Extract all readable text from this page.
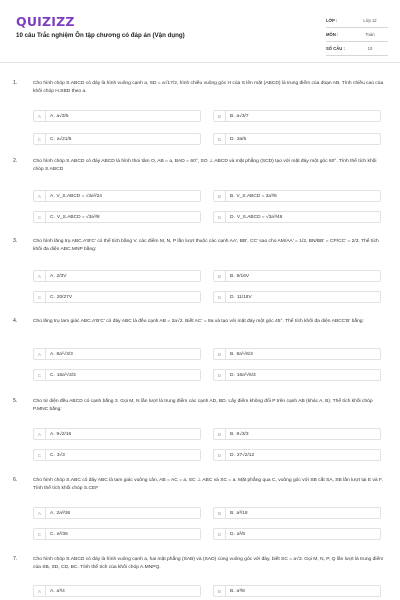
QUIZIZZ
10 câu Trắc nghiệm Ôn tập chương có đáp án (Vận dụng)
LỚP :	Lớp 12
MÔN :	Toán
SỐ CÂU :	10
1.	Cho hình chóp S.ABCD có đáy là hình vuông cạnh a, SD = a√17/2, hình chiếu vuông góc H của S lên mặt (ABCD) là trung điểm của đoạn AB. Tính chiều cao của khối chóp H.SBD theo a.
A	A. a√3/5	B	B. a√3/7
C	C. a√21/5	D	D. 3a/5
2.	Cho hình chóp S.ABCD có đáy ABCD là hình thoi tâm O, AB = a, BAD = 60°, SO ⊥ ABCD và mặt phẳng (SCD) tạo với mặt đáy một góc 60°. Tính thể tích khối chóp S.ABCD
A	A. V_S.ABCD = √3a³/24	B	B. V_S.ABCD = 3a³/8
C	C. V_S.ABCD = √3a³/8	D	D. V_S.ABCD = √3a³/48
3.	Cho hình lăng trụ ABC.A'B'C' có thể tích bằng V. các điểm M, N, P lần lượt thuộc các cạnh AA', BB', CC' sao cho AM/AA' = 1/2, BN/BB' = CP/CC' = 2/3. Thể tích khối đa diện ABC.MNP bằng:
A	A. 2/3V	B	B. 9/16V
C	C. 20/27V	D	D. 11/18V
4.	Cho lăng trụ tam giác ABC.A'B'C' có đáy ABC là đều cạnh AB = 2a√2. Biết AC' = 8a và tạo với mặt đáy một góc 45°. Thể tích khối đa diện ABCC'B' bằng:
A	A. 8a³√3/3	B	B. 8a³√6/3
C	C. 16a³√3/3	D	D. 16a³√6/3
5.	Cho tứ diện đều ABCD có cạnh bằng 3. Gọi M, N lần lượt là trung điểm các cạnh AD, BD. Lấy điểm không đổi P trên cạnh AB (khác A, B). Thể tích khối chóp P.MNC bằng:
A	A. 9√2/16	B	B. 8√3/3
C	C. 3√3	D	D. 27√2/12
6.	Cho hình chóp S.ABC có đáy ABC là tam giác vuông cân, AB = AC = a, SC ⊥ ABC và SC = a. Mặt phẳng qua C, vuông góc với SB cắt SA, SB lần lượt tại E và F. Tính thể tích khối chóp S.CEF
A	A. 2a³/36	B	B. a³/18
C	C. a³/36	D	D. a³/6
7.	Cho hình chóp S.ABCD có đáy là hình vuông cạnh a, hai mặt phẳng (SAB) và (SAD) cùng vuông góc với đáy, biết SC = a√3. Gọi M, N, P, Q lần lượt là trung điểm của SB, SD, CD, BC. Tính thể tích của khối chóp A.MNPQ.
A	A. a³/4	B	B. a³/8
